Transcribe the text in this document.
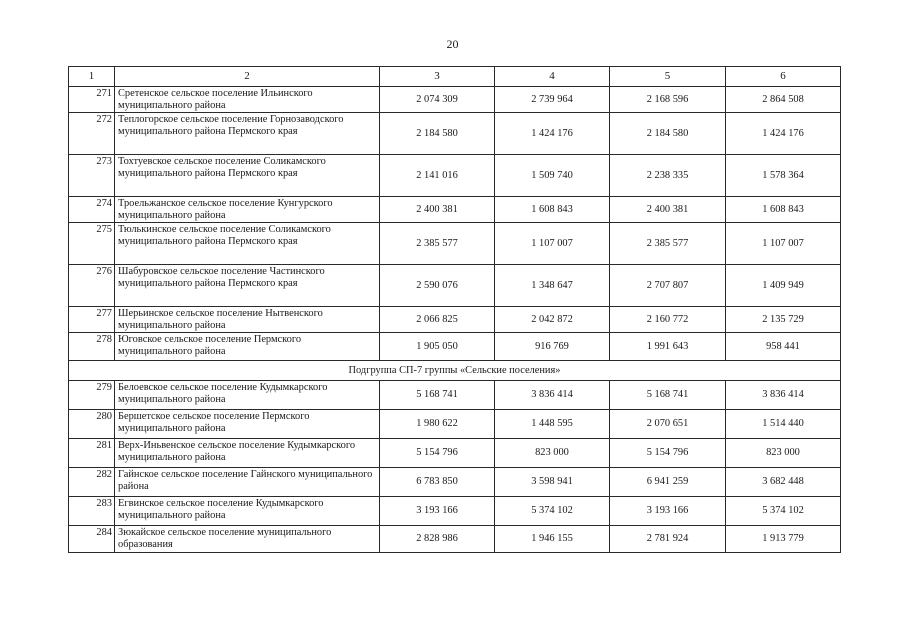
20
1	2	3	4	5	6
271	Сретенское сельское поселение Ильинского муниципального района	2 074 309	2 739 964	2 168 596	2 864 508
272	Теплогорское сельское поселение Горнозаводского муниципального района Пермского края	2 184 580	1 424 176	2 184 580	1 424 176
273	Тохтуевское сельское поселение Соликамского муниципального района Пермского края	2 141 016	1 509 740	2 238 335	1 578 364
274	Троельжанское сельское поселение Кунгурского муниципального района	2 400 381	1 608 843	2 400 381	1 608 843
275	Тюлькинское сельское поселение Соликамского муниципального района Пермского края	2 385 577	1 107 007	2 385 577	1 107 007
276	Шабуровское сельское поселение Частинского муниципального района Пермского края	2 590 076	1 348 647	2 707 807	1 409 949
277	Шерьинское сельское поселение Нытвенского муниципального района	2 066 825	2 042 872	2 160 772	2 135 729
278	Юговское сельское поселение Пермского муниципального района	1 905 050	916 769	1 991 643	958 441
Подгруппа СП-7 группы «Сельские поселения»					
279	Белоевское сельское поселение Кудымкарского муниципального района	5 168 741	3 836 414	5 168 741	3 836 414
280	Бершетское сельское поселение Пермского муниципального района	1 980 622	1 448 595	2 070 651	1 514 440
281	Верх-Иньвенское сельское поселение Кудымкарского муниципального района	5 154 796	823 000	5 154 796	823 000
282	Гайнское сельское поселение Гайнского муниципального района	6 783 850	3 598 941	6 941 259	3 682 448
283	Егвинское сельское поселение Кудымкарского муниципального района	3 193 166	5 374 102	3 193 166	5 374 102
284	Зюкайское сельское поселение муниципального образования	2 828 986	1 946 155	2 781 924	1 913 779
